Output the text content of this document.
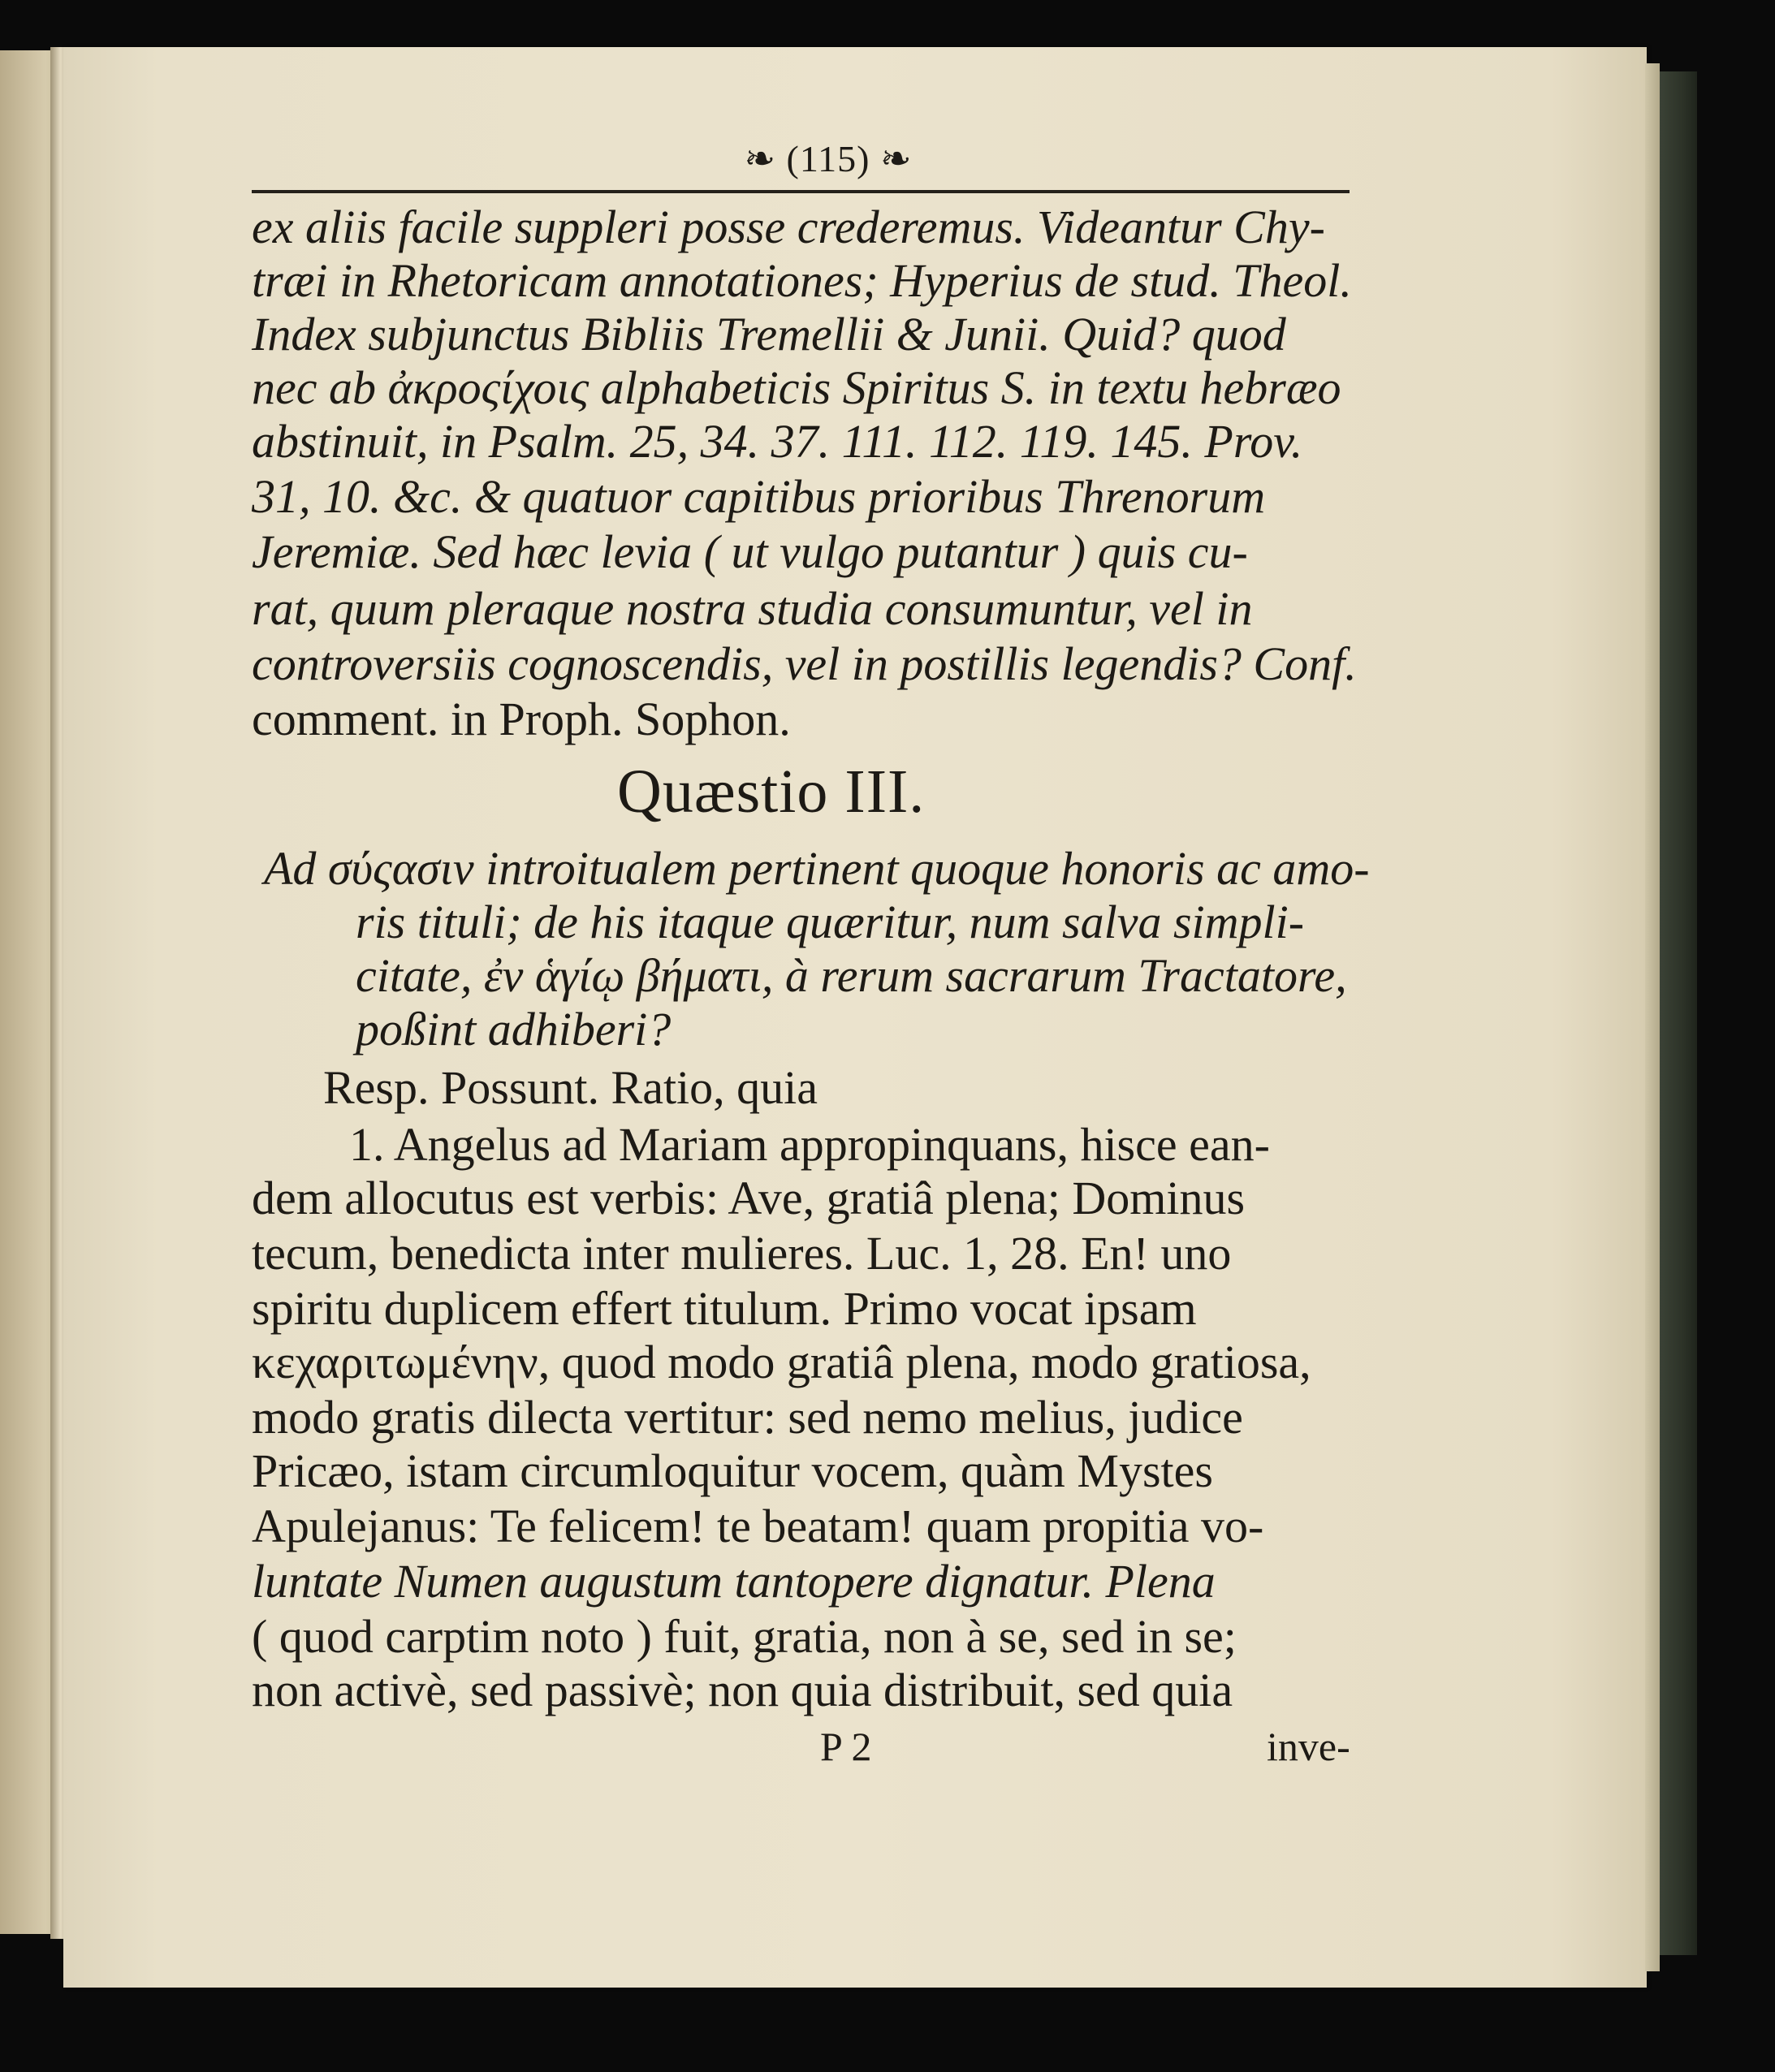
❧ (115) ❧
ex aliis facile suppleri posse crederemus. Videantur Chy-
træi in Rhetoricam annotationes; Hyperius de stud. Theol.
Index subjunctus Bibliis Tremellii & Junii. Quid? quod
nec ab ἀκροςίχοις alphabeticis Spiritus S. in textu hebræo
abstinuit, in Psalm. 25, 34. 37. 111. 112. 119. 145. Prov.
31, 10. &c. & quatuor capitibus prioribus Threnorum
Jeremiæ. Sed hæc levia ( ut vulgo putantur ) quis cu-
rat, quum pleraque nostra studia consumuntur, vel in
controversiis cognoscendis, vel in postillis legendis? Conf.
comment. in Proph. Sophon.
Quæstio III.
Ad σύςασιν introitualem pertinent quoque honoris ac amo-
ris tituli; de his itaque quæritur, num salva simpli-
citate, ἐν ἁγίῳ βήματι, à rerum sacrarum Tractatore,
poßint adhiberi?
Resp. Possunt. Ratio, quia
1. Angelus ad Mariam appropinquans, hisce ean-
dem allocutus est verbis: Ave, gratiâ plena; Dominus
tecum, benedicta inter mulieres. Luc. 1, 28. En! uno
spiritu duplicem effert titulum. Primo vocat ipsam
κεχαριτωμένην, quod modo gratiâ plena, modo gratiosa,
modo gratis dilecta vertitur: sed nemo melius, judice
Pricæo, istam circumloquitur vocem, quàm Mystes
Apulejanus: Te felicem! te beatam! quam propitia vo-
luntate Numen augustum tantopere dignatur. Plena
( quod carptim noto ) fuit, gratia, non à se, sed in se;
non activè, sed passivè; non quia distribuit, sed quia
P 2	inve-
